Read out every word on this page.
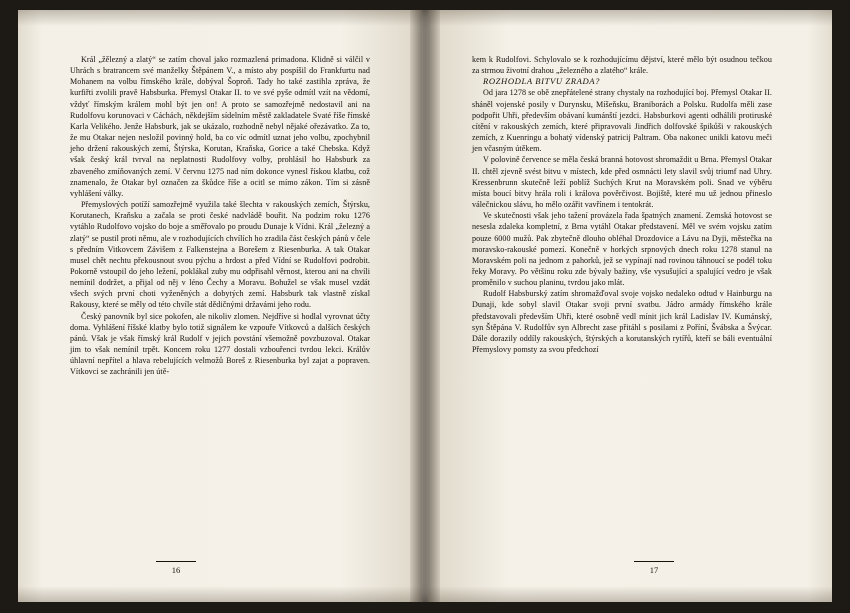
Král „žělezný a zlatý“ se zatím choval jako rozmazlená primadona. Klidně si válčil v Uhrách s bratrancem své manželky Štěpánem V., a místo aby pospíšil do Frankfurtu nad Mohanem na volbu římského krále, dobýval Šoproň. Tady ho také zastihla zpráva, že kurfiřti zvolili pravě Habsburka. Přemysl Otakar II. to ve své pyše odmítl vzít na vědomí, vždyť římským králem mohl být jen on! A proto se samozřejmě nedostavil ani na Rudolfovu korunovaci v Cáchách, někdejším sídelním městě zakladatele Svaté říše římské Karla Velikého. Jenže Habsburk, jak se ukázalo, rozhodně nebyl nějaké ořezávatko. Za to, že mu Otakar nejen nesložil povinný hold, ba co víc odmítl uznat jeho volbu, zpochybnil jeho držení rakouských zemí, Štýrska, Korutan, Kraňska, Gorice a také Chebska. Když však český král tvrval na neplatnosti Rudolfovy volby, prohlásil ho Habsburk za zbaveného zmíňovaných zemí. V červnu 1275 nad ním dokonce vynesl řískou klatbu, což znamenalo, že Otakar byl označen za škůdce říše a ocitl se mímo zákon. Tím si zásně vyhlášení války.

Přemyslových potíží samozřejmě využila také šlechta v rakouských zemích, Štýrsku, Korutanech, Kraňsku a začala se proti české nadvládě bouřit. Na podzim roku 1276 vytáhlo Rudolfovo vojsko do boje a směřovalo po proudu Dunaje k Vídni. Král „železný a zlatý“ se pustil proti němu, ale v rozhodujících chvílích ho zradila část českých pánů v čele s předním Vitkovcem Závišem z Falkenstejna a Borešem z Riesenburka. A tak Otakar musel chět nechtu překousnout svou pýchu a hrdost a před Vídní se Rudolfovi podrobit. Pokorně vstoupil do jeho ležení, poklákal zuby mu odpřisahl věrnost, kterou ani na chvíli nemínil dodržet, a přijal od něj v léno Čechy a Moravu. Bohužel se však musel vzdát všech svých první choti vyženěných a dobytých zemí. Habsburk tak vlastně získal Rakousy, které se měly od této chvíle stát dědičnými državámi jeho rodu.

Český panovník byl sice pokofen, ale nikoliv zlomen. Nejdříve si hodlal vyrovnat účty doma. Vyhlášení říšské klatby bylo totiž signálem ke vzpouře Vítkovců a dalších českých pánů. Však je však římský král Rudolf v jejich povstání všemožně povzbuzoval. Otakar jim to však nemínil trpět. Koncem roku 1277 dostali vzbouřenci tvrdou lekci. Králův úhlavní nepřítel a hlava rebelujících velmožů Boreš z Riesenburka byl zajat a popraven. Vítkovci se zachránili jen útě-

16

kem k Rudolfovi. Schylovalo se k rozhodujícímu dějství, které mělo být osudnou tečkou za strmou životní drahou „železného a zlatého“ krále.

ROZHODLA BITVU ZRADA?

Od jara 1278 se obě znepřátelené strany chystaly na rozhodující boj. Přemysl Otakar II. sháněl vojenské posily v Durynsku, Míšeňsku, Braniborách a Polsku. Rudolfa měli zase podpořit Uhři, především obávaní kumánští jezdci. Habsburkovi agenti odhálili protiruské cítění v rakouských zemích, které připravovali Jindřich dolfovské špikůši v rakouských zemích, z Kuenringu a bohatý vídenský patricij Paltram. Oba nakonec unikli katovu meči jen včasným útěkem.

V polovině července se měla česká branná hotovost shromaždit u Brna. Přemysl Otakar II. chtěl zjevně svést bitvu v místech, kde před osmnácti lety slavil svůj triumf nad Uhry. Kressenbrunn skutečně leží poblíž Suchých Krut na Moravském poli. Snad ve výběru místa boucí bitvy hrála roli i králova pověrčivost. Bojiště, které mu už jednou přineslo válečnickou slávu, ho mělo ozářit vavřínem i tentokrát.

Ve skutečnosti však jeho tažení provázela řada špatných znamení. Zemská hotovost se nesesla zdaleka kompletní, z Brna vytáhl Otakar představení. Měl ve svém vojsku zatím pouze 6000 mužů. Pak zbytečně dlouho obléhal Drozdovice a Lávu na Dyji, městečka na moravsko-rakouské pomezí. Konečně v horkých srpnových dnech roku 1278 stanul na Moravském poli na jednom z pahorků, jež se vypínají nad rovinou táhnoucí se podél toku řeky Moravy. Po většinu roku zde bývaly bažiny, vše vysušující a spalující vedro je však proměnilo v suchou planinu, tvrdou jako mlát.

Rudolf Habsburský zatím shromažďoval svoje vojsko nedaleko odtud v Hainburgu na Dunaji, kde sobyl slavil Otakar svoji první svatbu. Jádro armády římského krále představovali především Uhři, které osobně vedl mínit jich král Ladislav IV. Kumánský, syn Štěpána V. Rudolfův syn Albrecht zase přitáhl s posilami z Poříní, Švábska a Švýcar. Dále dorazily oddíly rakouských, štýrských a korutanských rytířů, kteří se báli eventuální Přemyslovy pomsty za svou předchozí

17
